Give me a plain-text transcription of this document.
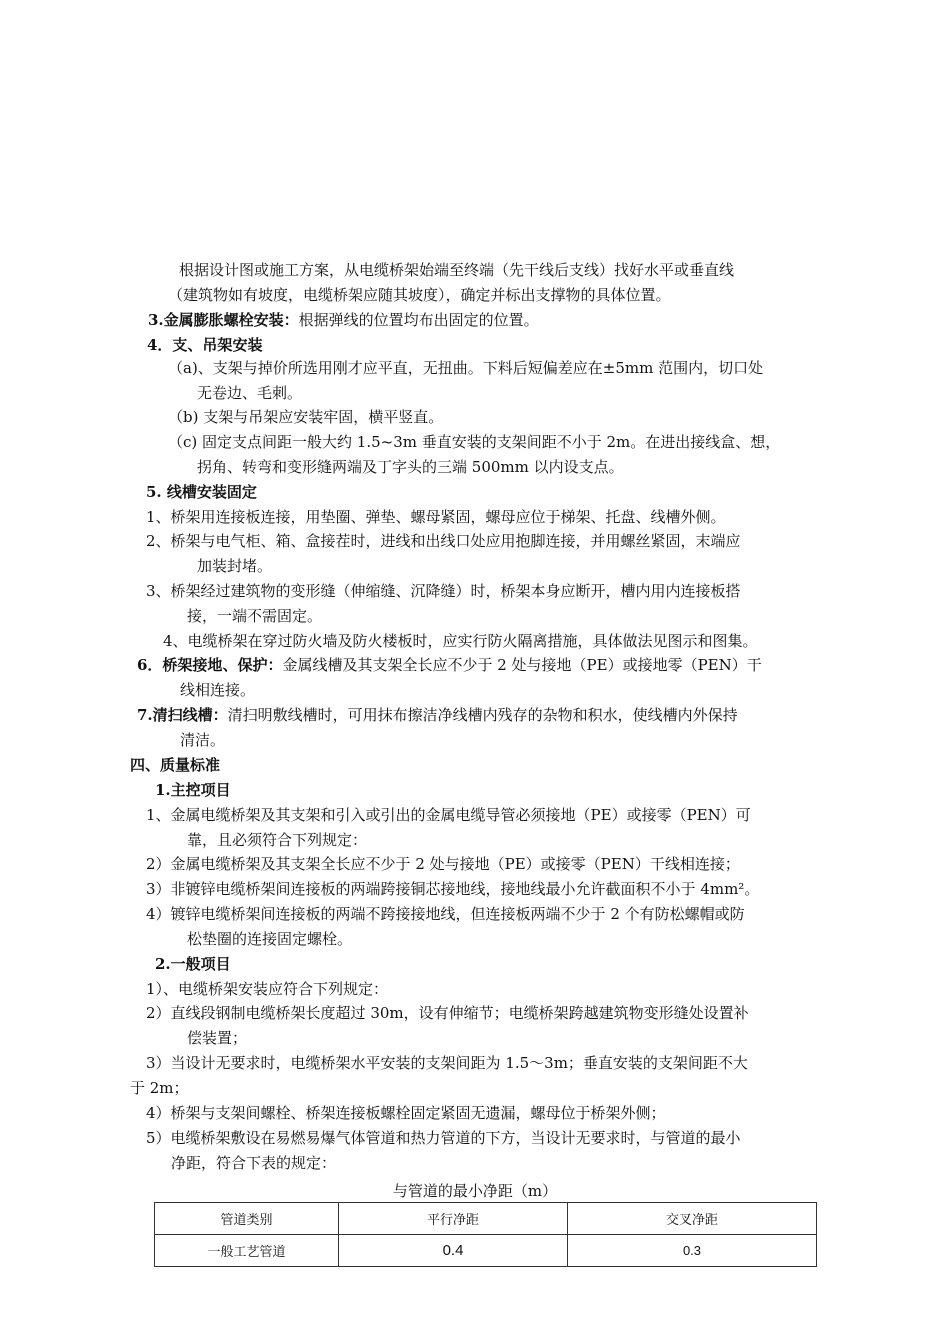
根据设计图或施工方案，从电缆桥架始端至终端（先干线后支线）找好水平或垂直线
（建筑物如有坡度，电缆桥架应随其坡度），确定并标出支撑物的具体位置。
3.金属膨胀螺栓安装：根据弹线的位置均布出固定的位置。
4．支、吊架安装
（a)、支架与掉价所选用刚才应平直，无扭曲。下料后短偏差应在±5mm 范围内，切口处
无卷边、毛刺。
（b) 支架与吊架应安装牢固，横平竖直。
（c) 固定支点间距一般大约 1.5~3m 垂直安装的支架间距不小于 2m。在进出接线盒、想，
拐角、转弯和变形缝两端及丁字头的三端 500mm 以内设支点。
5. 线槽安装固定
1、桥架用连接板连接，用垫圈、弹垫、螺母紧固，螺母应位于梯架、托盘、线槽外侧。
2、桥架与电气柜、箱、盒接茬时，进线和出线口处应用抱脚连接，并用螺丝紧固，末端应
加装封堵。
3、桥架经过建筑物的变形缝（伸缩缝、沉降缝）时，桥架本身应断开，槽内用内连接板搭
接，一端不需固定。
4、电缆桥架在穿过防火墙及防火楼板时，应实行防火隔离措施，具体做法见图示和图集。
6．桥架接地、保护：金属线槽及其支架全长应不少于 2 处与接地（PE）或接地零（PEN）干
线相连接。
7.清扫线槽：清扫明敷线槽时，可用抹布擦洁净线槽内残存的杂物和积水，使线槽内外保持
清洁。
四、质量标准
1.主控项目
1、金属电缆桥架及其支架和引入或引出的金属电缆导管必须接地（PE）或接零（PEN）可
靠，且必须符合下列规定：
2）金属电缆桥架及其支架全长应不少于 2 处与接地（PE）或接零（PEN）干线相连接；
3）非镀锌电缆桥架间连接板的两端跨接铜芯接地线，接地线最小允许截面积不小于 4mm²。
4）镀锌电缆桥架间连接板的两端不跨接接地线，但连接板两端不少于 2 个有防松螺帽或防
松垫圈的连接固定螺栓。
2.一般项目
1）、电缆桥架安装应符合下列规定：
2）直线段钢制电缆桥架长度超过 30m，设有伸缩节；电缆桥架跨越建筑物变形缝处设置补
偿装置；
3）当设计无要求时，电缆桥架水平安装的支架间距为 1.5～3m；垂直安装的支架间距不大
于 2m；
4）桥架与支架间螺栓、桥架连接板螺栓固定紧固无遗漏，螺母位于桥架外侧；
5）电缆桥架敷设在易燃易爆气体管道和热力管道的下方，当设计无要求时，与管道的最小
净距，符合下表的规定：
与管道的最小净距（m）
管道类别	平行净距	交叉净距
一般工艺管道	0.4	0.3
